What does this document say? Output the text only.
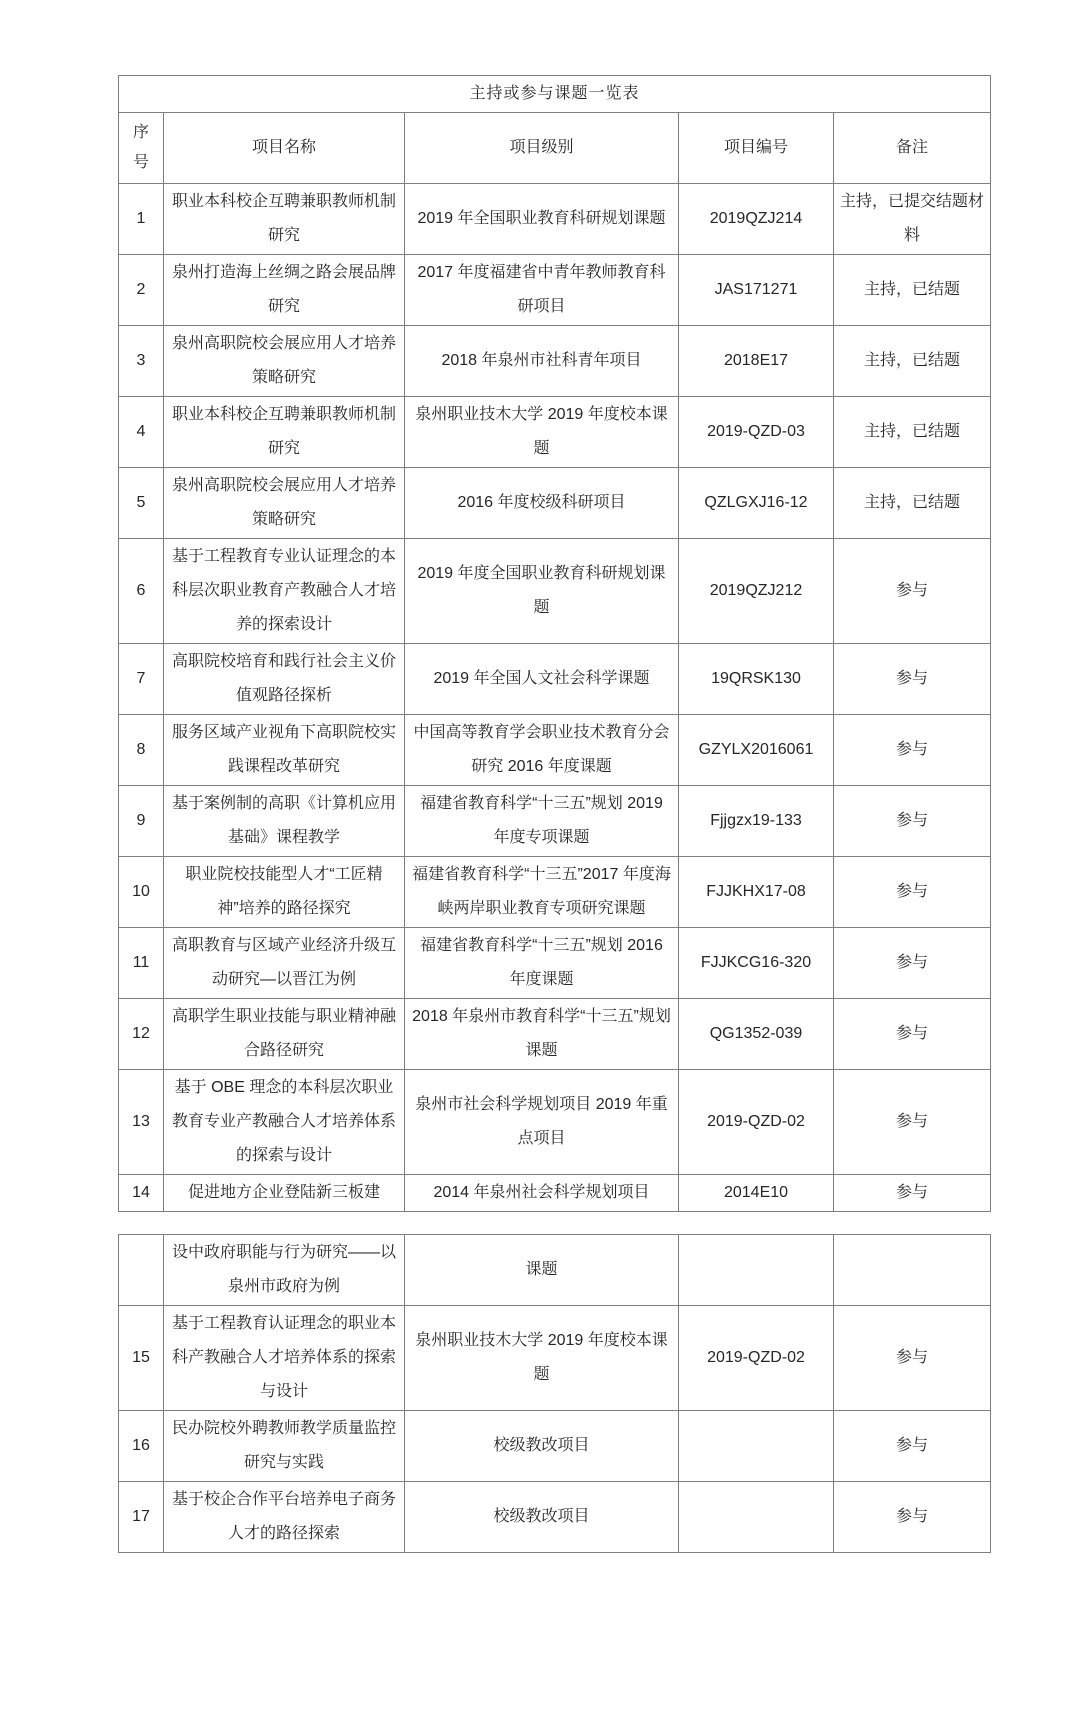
主持或参与课题一览表				

序号	项目名称	项目级别	项目编号	备注
1	职业本科校企互聘兼职教师机制研究	2019 年全国职业教育科研规划课题	2019QZJ214	主持，已提交结题材料
2	泉州打造海上丝绸之路会展品牌研究	2017 年度福建省中青年教师教育科研项目	JAS171271	主持，已结题
3	泉州高职院校会展应用人才培养策略研究	2018 年泉州市社科青年项目	2018E17	主持，已结题
4	职业本科校企互聘兼职教师机制研究	泉州职业技木大学 2019 年度校本课题	2019-QZD-03	主持，已结题
5	泉州高职院校会展应用人才培养策略研究	2016 年度校级科研项目	QZLGXJ16-12	主持，已结题
6	基于工程教育专业认证理念的本科层次职业教育产教融合人才培养的探索设计	2019 年度全国职业教育科研规划课题	2019QZJ212	参与
7	高职院校培育和践行社会主义价值观路径探析	2019 年全国人文社会科学课题	19QRSK130	参与
8	服务区域产业视角下高职院校实践课程改革研究	中国高等教育学会职业技术教育分会研究 2016 年度课题	GZYLX2016061	参与
9	基于案例制的高职《计算机应用基础》课程教学	福建省教育科学“十三五”规划 2019 年度专项课题	Fjjgzx19-133	参与
10	职业院校技能型人才“工匠精神”培养的路径探究	福建省教育科学“十三五”2017 年度海峡两岸职业教育专项研究课题	FJJKHX17-08	参与
11	高职教育与区域产业经济升级互动研究—以晋江为例	福建省教育科学“十三五”规划 2016 年度课题	FJJKCG16-320	参与
12	高职学生职业技能与职业精神融合路径研究	2018 年泉州市教育科学“十三五”规划课题	QG1352-039	参与
13	基于 OBE 理念的本科层次职业教育专业产教融合人才培养体系的探索与设计	泉州市社会科学规划项目 2019 年重点项目	2019-QZD-02	参与
14	促进地方企业登陆新三板建	2014 年泉州社会科学规划项目	2014E10	参与
	设中政府职能与行为研究——以泉州市政府为例	课题		
15	基于工程教育认证理念的职业本科产教融合人才培养体系的探索与设计	泉州职业技木大学 2019 年度校本课题	2019-QZD-02	参与
16	民办院校外聘教师教学质量监控研究与实践	校级教改项目		参与
17	基于校企合作平台培养电子商务人才的路径探索	校级教改项目		参与
